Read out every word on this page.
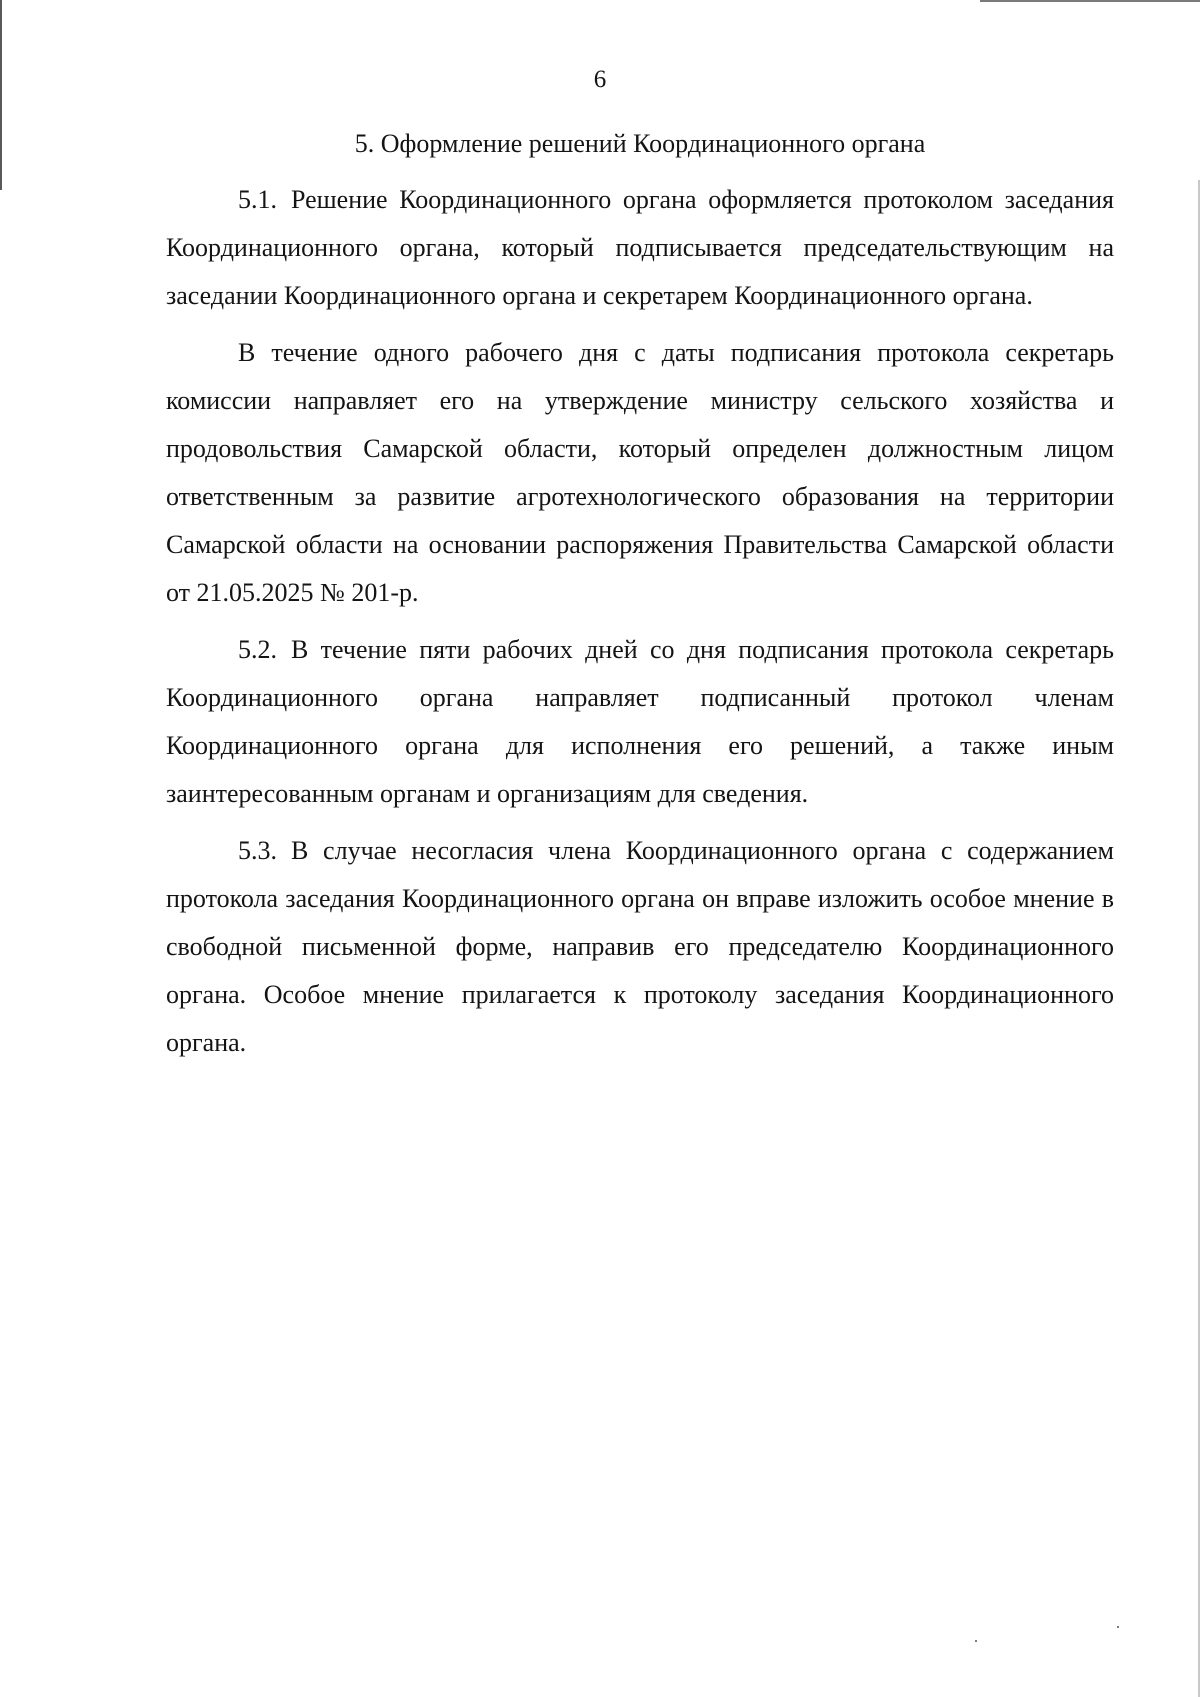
6

5. Оформление решений Координационного органа

5.1. Решение Координационного органа оформляется протоколом заседания Координационного органа, который подписывается председательствующим на заседании Координационного органа и секретарем Координационного органа.

В течение одного рабочего дня с даты подписания протокола секретарь комиссии направляет его на утверждение министру сельского хозяйства и продовольствия Самарской области, который определен должностным лицом ответственным за развитие агротехнологического образования на территории Самарской области на основании распоряжения Правительства Самарской области от 21.05.2025 № 201-р.

5.2. В течение пяти рабочих дней со дня подписания протокола секретарь Координационного органа направляет подписанный протокол членам Координационного органа для исполнения его решений, а также иным заинтересованным органам и организациям для сведения.

5.3. В случае несогласия члена Координационного органа с содержанием протокола заседания Координационного органа он вправе изложить особое мнение в свободной письменной форме, направив его председателю Координационного органа. Особое мнение прилагается к протоколу заседания Координационного органа.
